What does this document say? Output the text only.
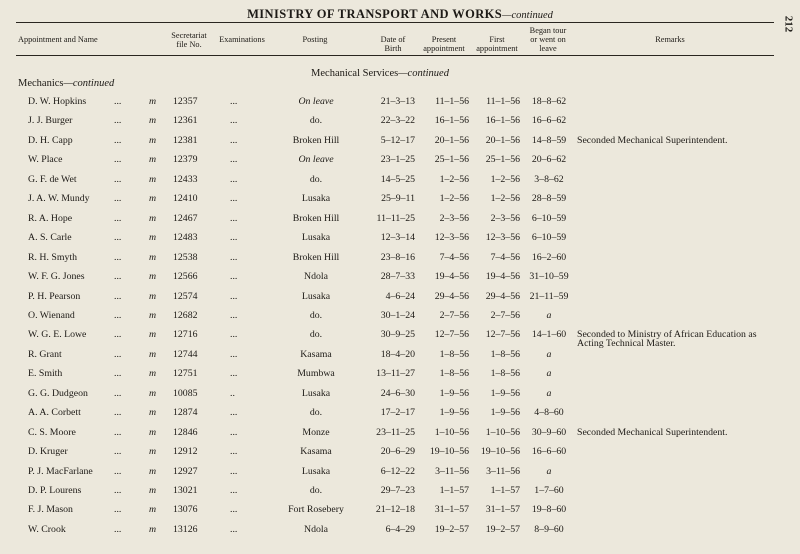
MINISTRY OF TRANSPORT AND WORKS—continued
212
Appointment and Name	Secretariat
file No.
Examinations	Posting	Date of
Birth
Present
appointment
First
appointment
Began tour
or went on
leave
Remarks
Mechanical Services—continued
Mechanics—continued
D. W. Hopkins	...	m 12357	...	On leave	21–3–13	11–1–56	11–1–56	18–8–62
J. J. Burger	...	m 12361	...	do.	22–3–22	16–1–56	16–1–56	16–6–62
D. H. Capp	...	m 12381	...	Broken Hill	5–12–17	20–1–56	20–1–56	14–8–59	Seconded Mechanical Superintendent.
W. Place	...	m 12379	...	On leave	23–1–25	25–1–56	25–1–56	20–6–62
G. F. de Wet	...	m 12433	...	do.	14–5–25	1–2–56	1–2–56	3–8–62
J. A. W. Mundy	...	m 12410	...	Lusaka	25–9–11	1–2–56	1–2–56	28–8–59
R. A. Hope	...	m 12467	...	Broken Hill	11–11–25	2–3–56	2–3–56	6–10–59
A. S. Carle	...	m 12483	...	Lusaka	12–3–14	12–3–56	12–3–56	6–10–59
R. H. Smyth	...	m 12538	...	Broken Hill	23–8–16	7–4–56	7–4–56	16–2–60
W. F. G. Jones	...	m 12566	...	Ndola	28–7–33	19–4–56	19–4–56 31–10–59
P. H. Pearson	...	m 12574	...	Lusaka	4–6–24	29–4–56	29–4–56 21–11–59
O. Wienand	...	m 12682	...	do.	30–1–24	2–7–56	2–7–56	a
W. G. E. Lowe	...	m 12716	...	do.	30–9–25	12–7–56	12–7–56	14–1–60	Seconded to Ministry of African Education as Acting Technical Master.
R. Grant	...	m 12744	...	Kasama	18–4–20	1–8–56	1–8–56	a
E. Smith	...	m 12751	...	Mumbwa	13–11–27	1–8–56	1–8–56	a
G. G. Dudgeon	...	m 10085	..	Lusaka	24–6–30	1–9–56	1–9–56	a
A. A. Corbett	...	m 12874	...	do.	17–2–17	1–9–56	1–9–56	4–8–60
C. S. Moore	...	m 12846	...	Monze	23–11–25	1–10–56	1–10–56	30–9–60	Seconded Mechanical Superintendent.
D. Kruger	...	m 12912	...	Kasama	20–6–29	19–10–56	19–10–56	16–6–60
P. J. MacFarlane	...	m 12927	...	Lusaka	6–12–22	3–11–56	3–11–56	a
D. P. Lourens	...	m 13021	...	do.	29–7–23	1–1–57	1–1–57	1–7–60
F. J. Mason	...	m 13076	...	Fort Rosebery	21–12–18	31–1–57	31–1–57	19–8–60
W. Crook	...	m 13126	...	Ndola	6–4–29	19–2–57	19–2–57	8–9–60
